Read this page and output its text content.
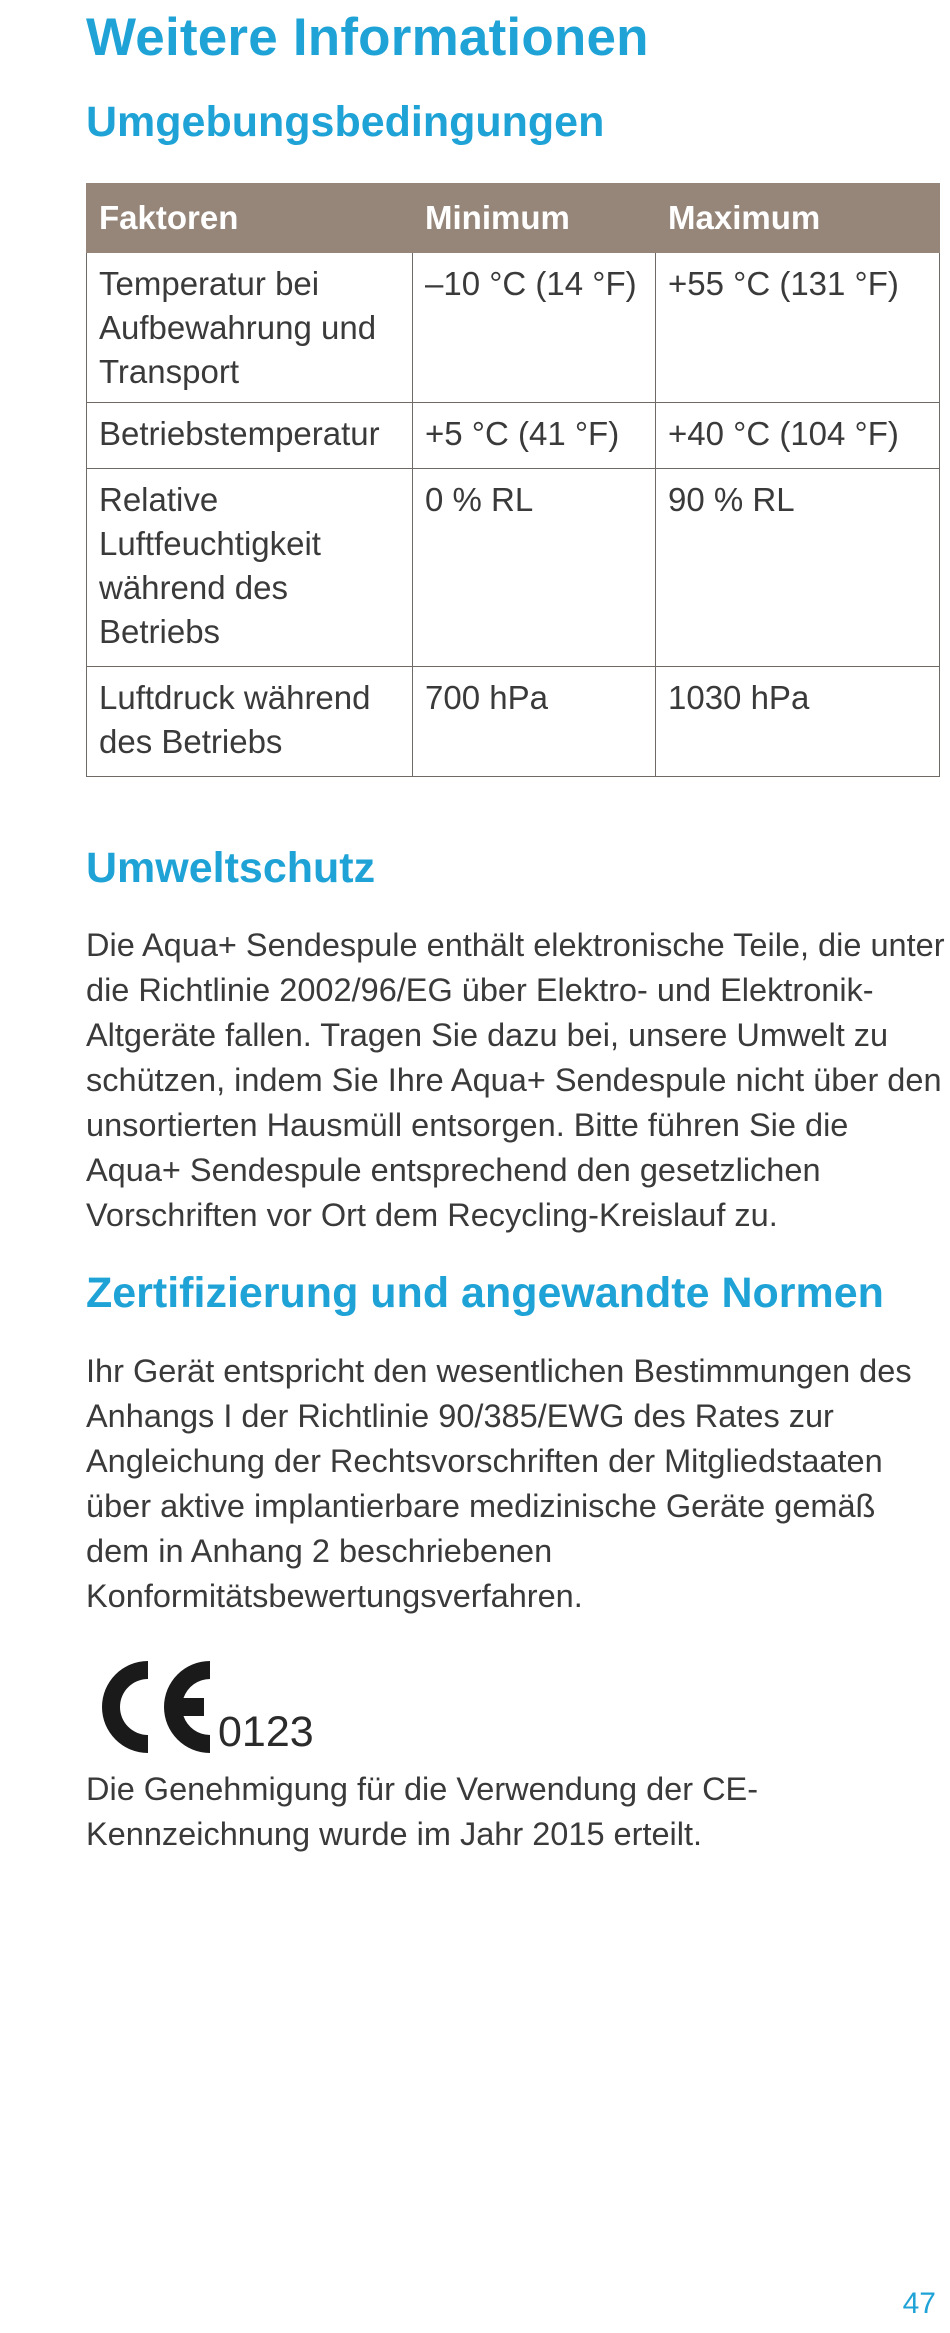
Weitere Informationen
Umgebungsbedingungen
Faktoren	Minimum	Maximum
Temperatur bei Aufbewahrung und Transport	–10 °C (14 °F)	+55 °C (131 °F)
Betriebstemperatur	+5 °C (41 °F)	+40 °C (104 °F)
Relative Luftfeuchtigkeit während des Betriebs	0 % RL	90 % RL
Luftdruck während des Betriebs	700 hPa	1030 hPa
Umweltschutz

Die Aqua+ Sendespule enthält elektronische Teile, die unter die Richtlinie 2002/96/EG über Elektro- und Elektronik-Altgeräte fallen. Tragen Sie dazu bei, unsere Umwelt zu schützen, indem Sie Ihre Aqua+ Sendespule nicht über den unsortierten Hausmüll entsorgen. Bitte führen Sie die Aqua+ Sendespule entsprechend den gesetzlichen Vorschriften vor Ort dem Recycling-Kreislauf zu.

Zertifizierung und angewandte Normen

Ihr Gerät entspricht den wesentlichen Bestimmungen des Anhangs I der Richtlinie 90/385/EWG des Rates zur Angleichung der Rechtsvorschriften der Mitgliedstaaten über aktive implantierbare medizinische Geräte gemäß dem in Anhang 2 beschriebenen Konformitätsbewertungsverfahren.

0123

Die Genehmigung für die Verwendung der CE-Kennzeichnung wurde im Jahr 2015 erteilt.

47
